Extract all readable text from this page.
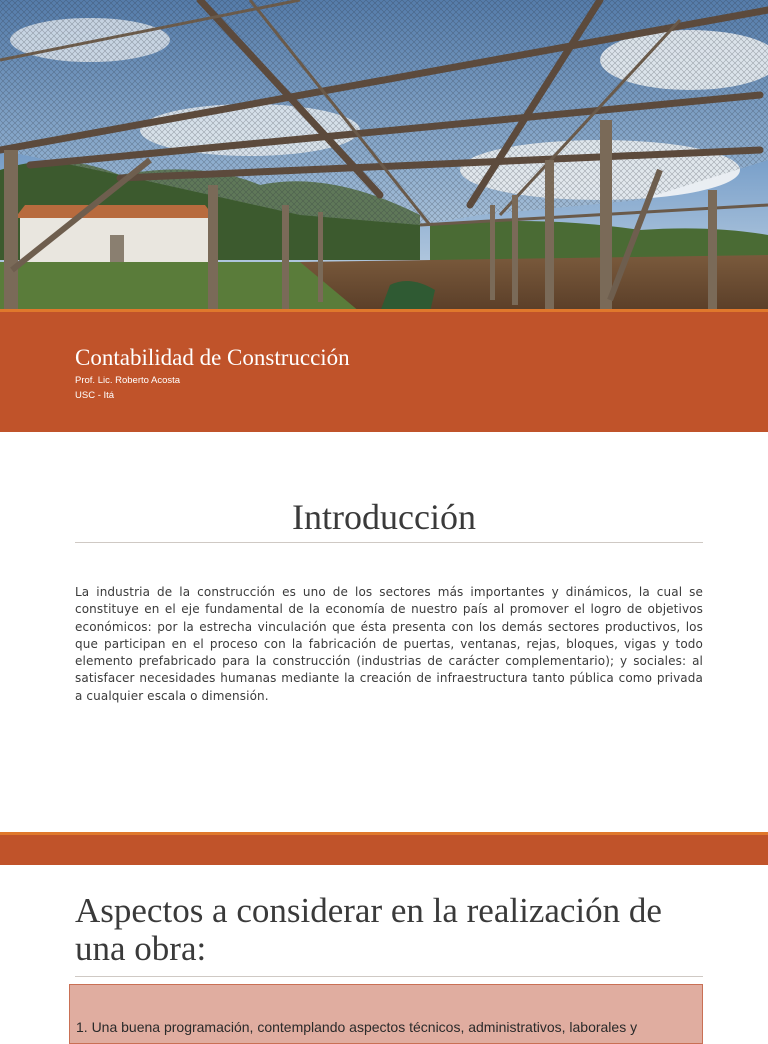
Contabilidad de Construcción

Prof. Lic. Roberto Acosta

USC - Itá

Introducción

La industria de la construcción es uno de los sectores más importantes y dinámicos, la cual se constituye en el eje fundamental de la economía de nuestro país al promover el logro de objetivos económicos: por la estrecha vinculación que ésta presenta con los demás sectores productivos, los que participan en el proceso con la fabricación de puertas, ventanas, rejas, bloques, vigas y todo elemento prefabricado para la construcción (industrias de carácter complementario); y sociales: al satisfacer necesidades humanas mediante la creación de infraestructura tanto pública como privada a cualquier escala o dimensión.

Aspectos a considerar en la realización de una obra:

1. Una buena programación, contemplando aspectos técnicos, administrativos, laborales y
